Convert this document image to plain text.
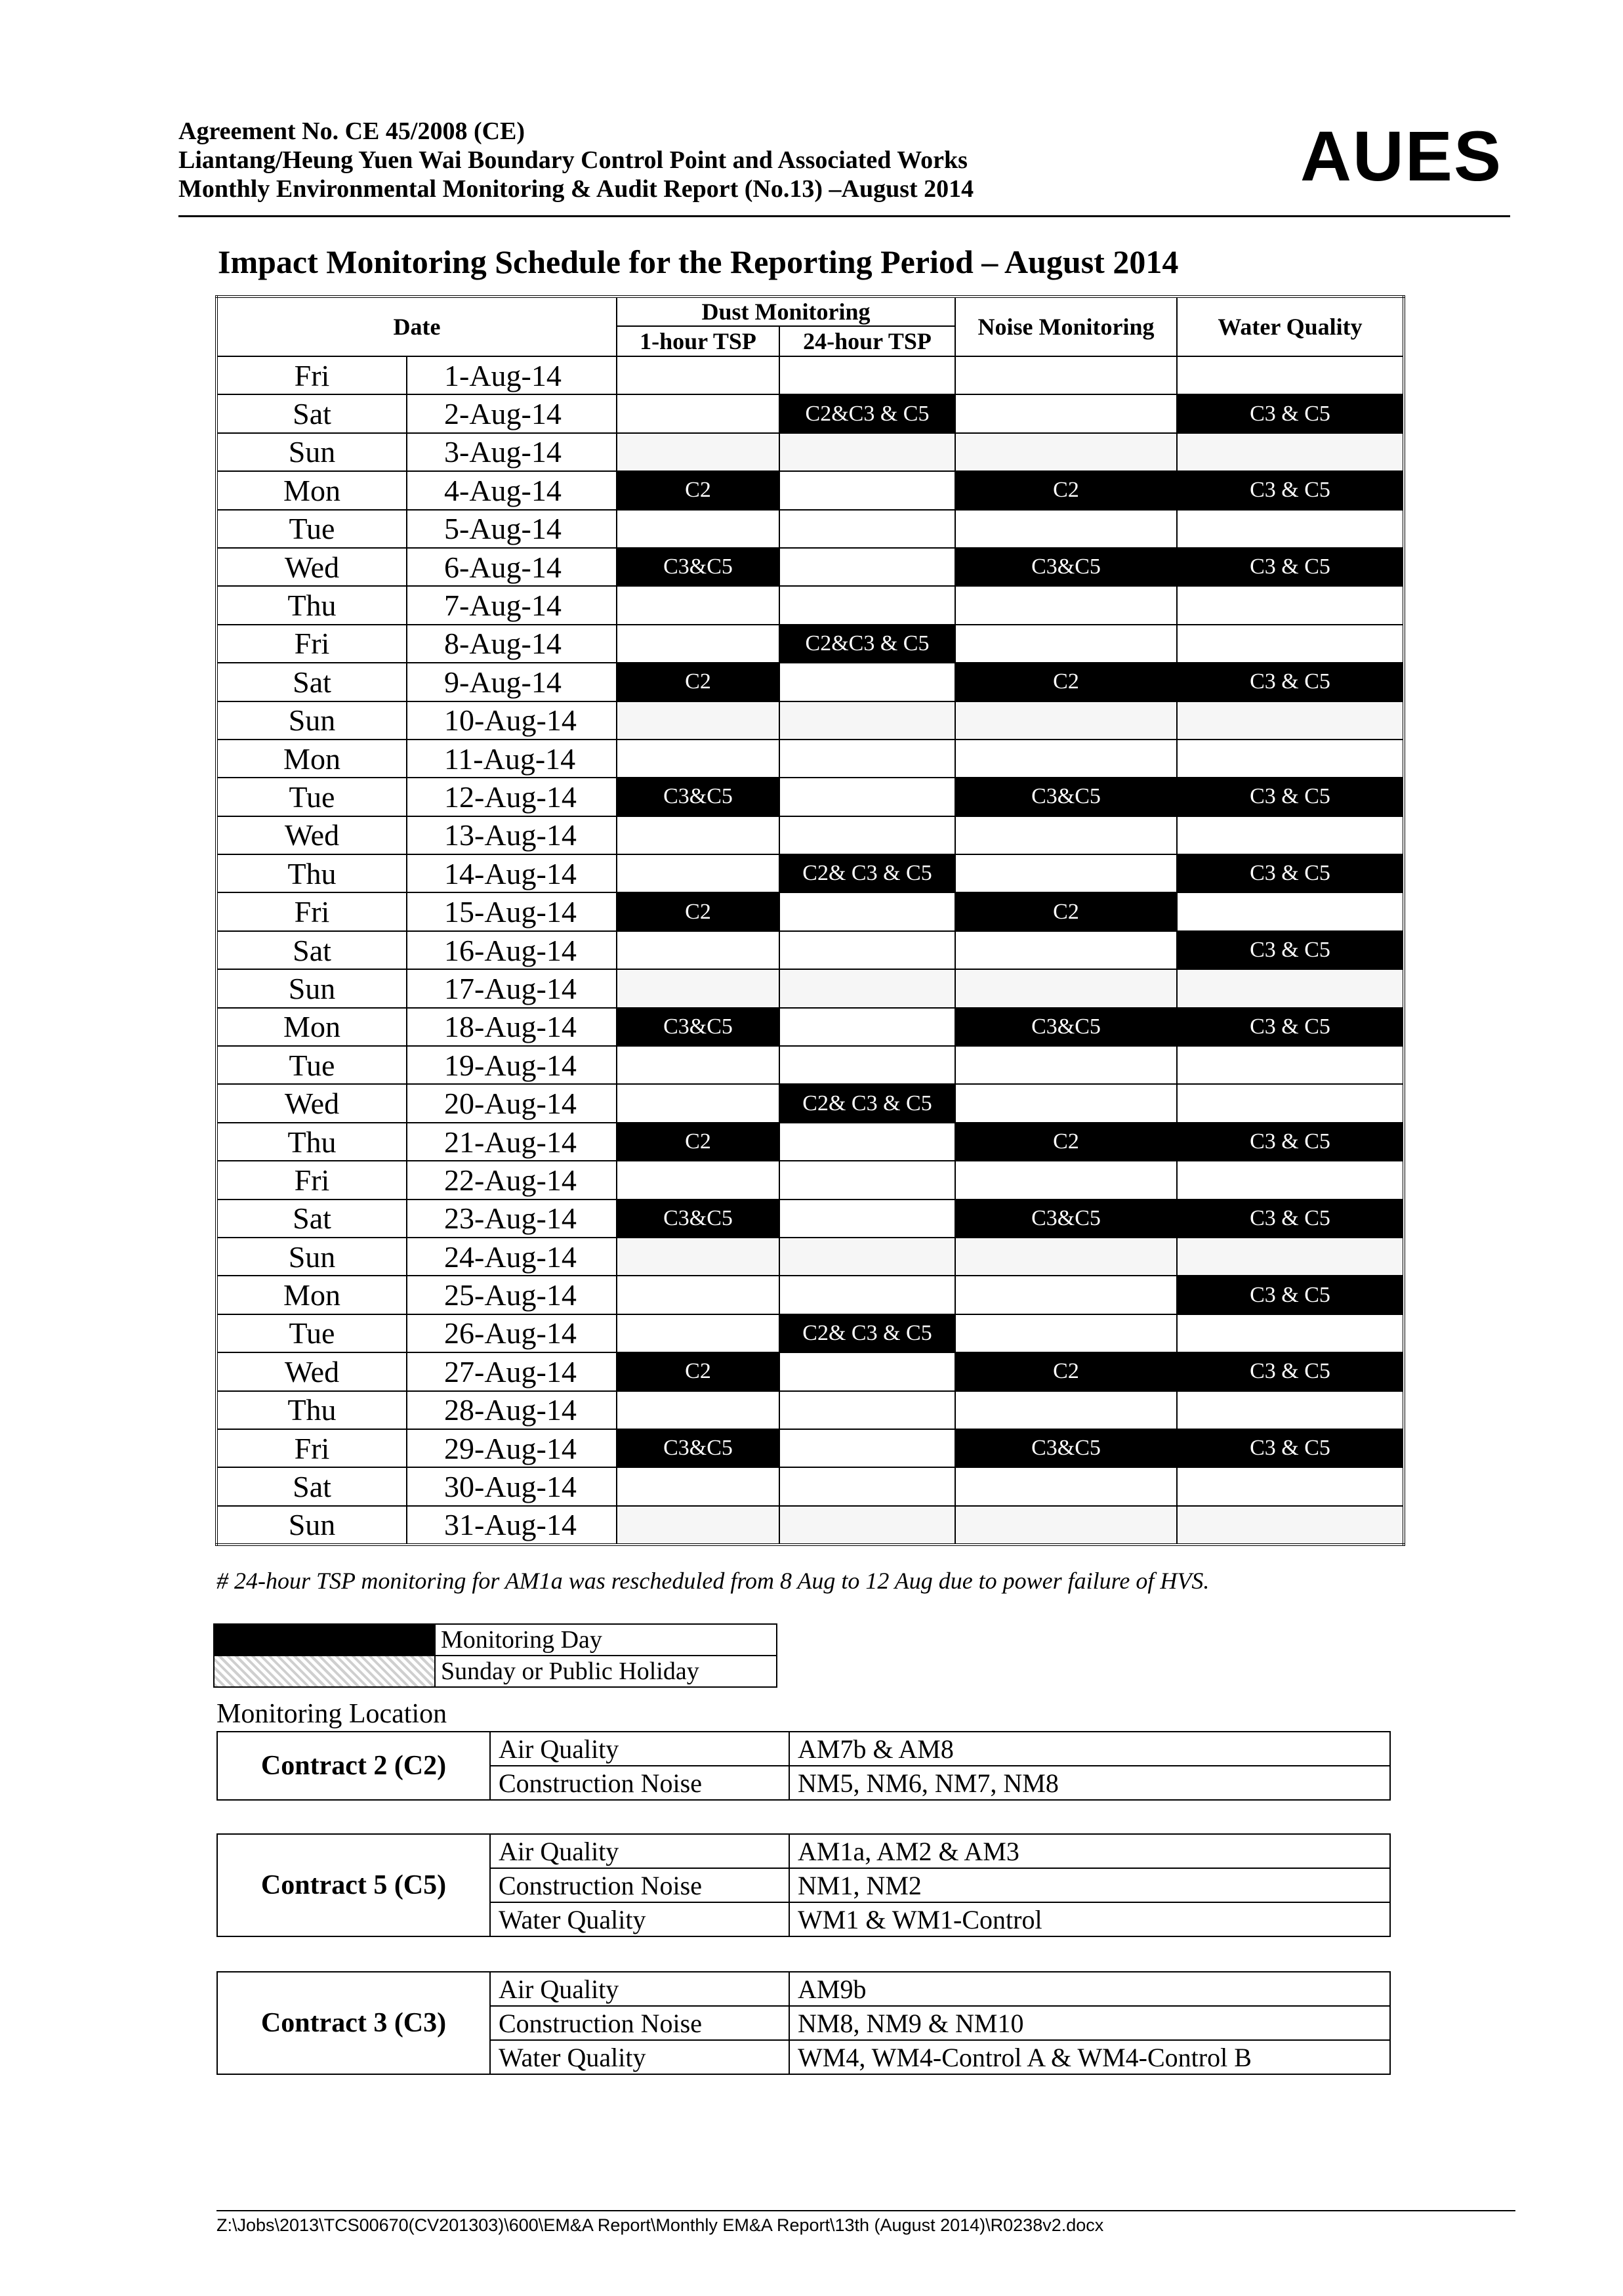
Agreement No. CE 45/2008 (CE)
Liantang/Heung Yuen Wai Boundary Control Point and Associated Works
Monthly Environmental Monitoring & Audit Report (No.13) –August 2014	AUES
Impact Monitoring Schedule for the Reporting Period – August 2014
Date		Dust Monitoring		Noise Monitoring	Water Quality
		1-hour TSP	24-hour TSP		
Fri	1-Aug-14				
Sat	2-Aug-14		C2&C3 & C5		C3 & C5
Sun	3-Aug-14				
Mon	4-Aug-14	C2		C2	C3 & C5
Tue	5-Aug-14				
Wed	6-Aug-14	C3&C5		C3&C5	C3 & C5
Thu	7-Aug-14				
Fri	8-Aug-14		C2&C3 & C5		
Sat	9-Aug-14	C2		C2	C3 & C5
Sun	10-Aug-14				
Mon	11-Aug-14				
Tue	12-Aug-14	C3&C5		C3&C5	C3 & C5
Wed	13-Aug-14				
Thu	14-Aug-14		C2& C3 & C5		C3 & C5
Fri	15-Aug-14	C2		C2	
Sat	16-Aug-14				C3 & C5
Sun	17-Aug-14				
Mon	18-Aug-14	C3&C5		C3&C5	C3 & C5
Tue	19-Aug-14				
Wed	20-Aug-14		C2& C3 & C5		
Thu	21-Aug-14	C2		C2	C3 & C5
Fri	22-Aug-14				
Sat	23-Aug-14	C3&C5		C3&C5	C3 & C5
Sun	24-Aug-14				
Mon	25-Aug-14				C3 & C5
Tue	26-Aug-14		C2& C3 & C5		
Wed	27-Aug-14	C2		C2	C3 & C5
Thu	28-Aug-14				
Fri	29-Aug-14	C3&C5		C3&C5	C3 & C5
Sat	30-Aug-14				
Sun	31-Aug-14				
# 24-hour TSP monitoring for AM1a was rescheduled from 8 Aug to 12 Aug due to power failure of HVS.
	Monitoring Day
	Sunday or Public Holiday
Monitoring Location
Contract 2 (C2)	Air Quality	AM7b & AM8
	Construction Noise	NM5, NM6, NM7, NM8
Contract 5 (C5)	Air Quality	AM1a, AM2 & AM3
	Construction Noise	NM1, NM2
	Water Quality	WM1 & WM1-Control
Contract 3 (C3)	Air Quality	AM9b
	Construction Noise	NM8, NM9 & NM10
	Water Quality	WM4, WM4-Control A & WM4-Control B
Z:\Jobs\2013\TCS00670(CV201303)\600\EM&A Report\Monthly EM&A Report\13th (August 2014)\R0238v2.docx
